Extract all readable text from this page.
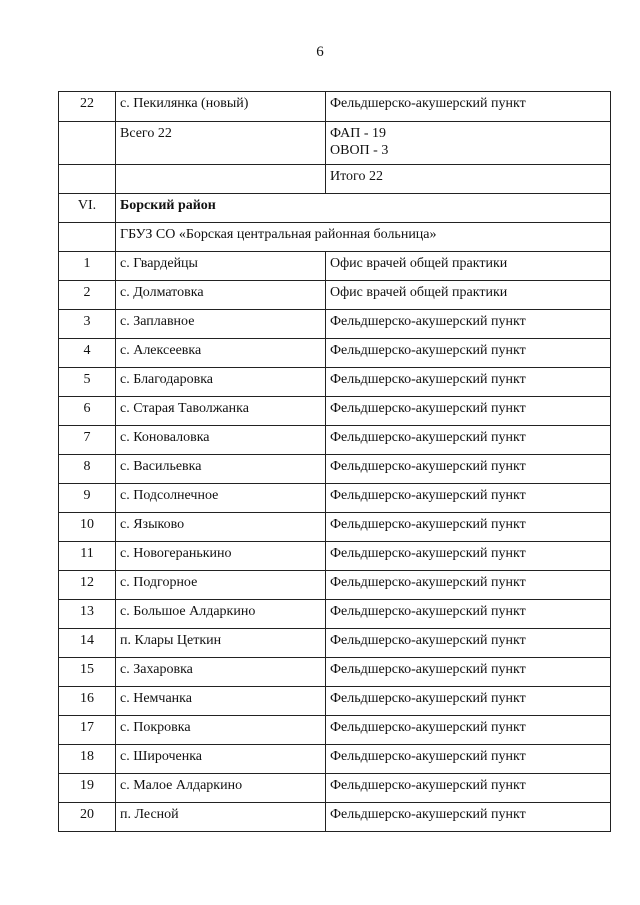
6
22	с. Пекилянка (новый)	Фельдшерско-акушерский пункт
	Всего 22	ФАП - 19
ОВОП - 3

		Итого 22
VI.	Борский район	
	ГБУЗ СО «Борская центральная районная больница»	
1	с. Гвардейцы	Офис врачей общей практики
2	с. Долматовка	Офис врачей общей практики
3	с. Заплавное	Фельдшерско-акушерский пункт
4	с. Алексеевка	Фельдшерско-акушерский пункт
5	с. Благодаровка	Фельдшерско-акушерский пункт
6	с. Старая Таволжанка	Фельдшерско-акушерский пункт
7	с. Коноваловка	Фельдшерско-акушерский пункт
8	с. Васильевка	Фельдшерско-акушерский пункт
9	с. Подсолнечное	Фельдшерско-акушерский пункт
10	с. Языково	Фельдшерско-акушерский пункт
11	с. Новогеранькино	Фельдшерско-акушерский пункт
12	с. Подгорное	Фельдшерско-акушерский пункт
13	с. Большое Алдаркино	Фельдшерско-акушерский пункт
14	п. Клары Цеткин	Фельдшерско-акушерский пункт
15	с. Захаровка	Фельдшерско-акушерский пункт
16	с. Немчанка	Фельдшерско-акушерский пункт
17	с. Покровка	Фельдшерско-акушерский пункт
18	с. Широченка	Фельдшерско-акушерский пункт
19	с. Малое Алдаркино	Фельдшерско-акушерский пункт
20	п. Лесной	Фельдшерско-акушерский пункт
